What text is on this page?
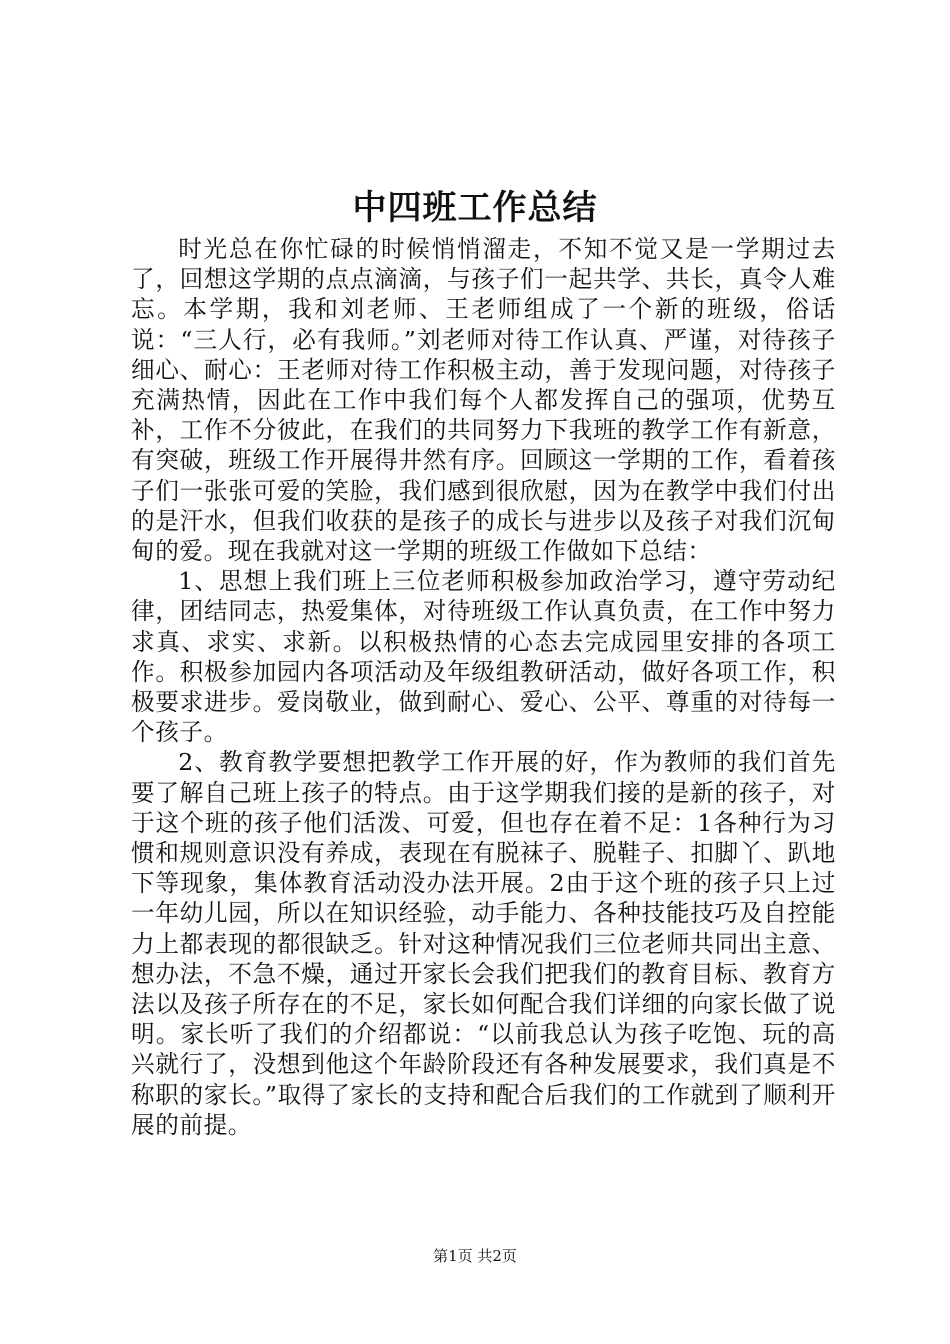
中四班工作总结

时光总在你忙碌的时候悄悄溜走，不知不觉又是一学期过去了，回想这学期的点点滴滴，与孩子们一起共学、共长，真令人难忘。本学期，我和刘老师、王老师组成了一个新的班级，俗话说：“三人行，必有我师。”刘老师对待工作认真、严谨，对待孩子细心、耐心：王老师对待工作积极主动，善于发现问题，对待孩子充满热情，因此在工作中我们每个人都发挥自己的强项，优势互补，工作不分彼此，在我们的共同努力下我班的教学工作有新意，有突破，班级工作开展得井然有序。回顾这一学期的工作，看着孩子们一张张可爱的笑脸，我们感到很欣慰，因为在教学中我们付出的是汗水，但我们收获的是孩子的成长与进步以及孩子对我们沉甸甸的爱。现在我就对这一学期的班级工作做如下总结：

1、思想上我们班上三位老师积极参加政治学习，遵守劳动纪律，团结同志，热爱集体，对待班级工作认真负责，在工作中努力求真、求实、求新。以积极热情的心态去完成园里安排的各项工作。积极参加园内各项活动及年级组教研活动，做好各项工作，积极要求进步。爱岗敬业，做到耐心、爱心、公平、尊重的对待每一个孩子。

2、教育教学要想把教学工作开展的好，作为教师的我们首先要了解自己班上孩子的特点。由于这学期我们接的是新的孩子，对于这个班的孩子他们活泼、可爱，但也存在着不足：1各种行为习惯和规则意识没有养成，表现在有脱袜子、脱鞋子、扣脚丫、趴地下等现象，集体教育活动没办法开展。2由于这个班的孩子只上过一年幼儿园，所以在知识经验，动手能力、各种技能技巧及自控能力上都表现的都很缺乏。针对这种情况我们三位老师共同出主意、想办法，不急不燥，通过开家长会我们把我们的教育目标、教育方法以及孩子所存在的不足，家长如何配合我们详细的向家长做了说明。家长听了我们的介绍都说：“以前我总认为孩子吃饱、玩的高兴就行了，没想到他这个年龄阶段还有各种发展要求，我们真是不称职的家长。”取得了家长的支持和配合后我们的工作就到了顺利开展的前提。

第1页 共2页
